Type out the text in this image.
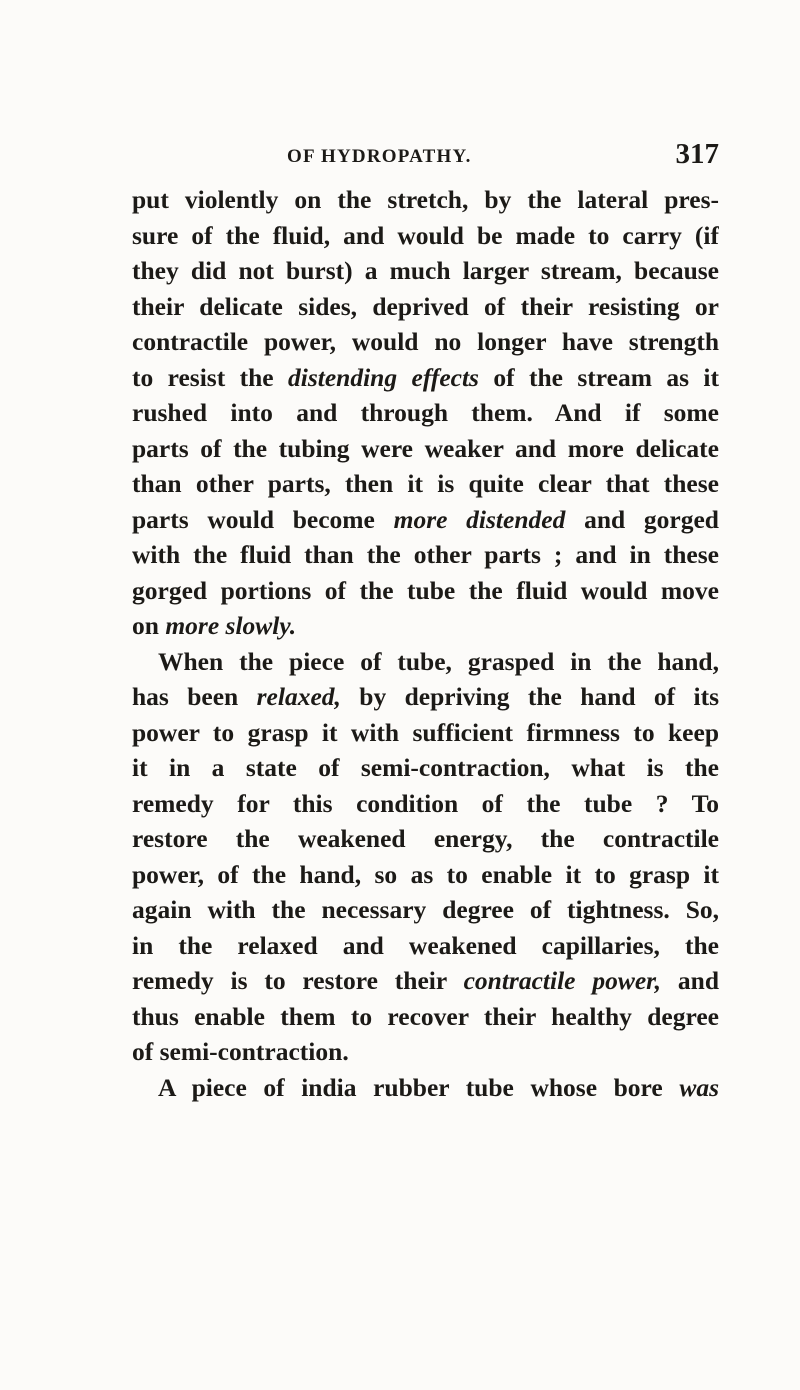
OF HYDROPATHY.	317
put violently on the stretch, by the lateral pres-
sure of the fluid, and would be made to carry (if
they did not burst) a much larger stream, because
their delicate sides, deprived of their resisting or
contractile power, would no longer have strength
to resist the distending effects of the stream as it
rushed into and through them. And if some
parts of the tubing were weaker and more delicate
than other parts, then it is quite clear that these
parts would become more distended and gorged
with the fluid than the other parts ; and in these
gorged portions of the tube the fluid would move
on more slowly.
When the piece of tube, grasped in the hand,
has been relaxed, by depriving the hand of its
power to grasp it with sufficient firmness to keep
it in a state of semi-contraction, what is the
remedy for this condition of the tube ? To
restore the weakened energy, the contractile
power, of the hand, so as to enable it to grasp it
again with the necessary degree of tightness. So,
in the relaxed and weakened capillaries, the
remedy is to restore their contractile power, and
thus enable them to recover their healthy degree
of semi-contraction.
A piece of india rubber tube whose bore was
